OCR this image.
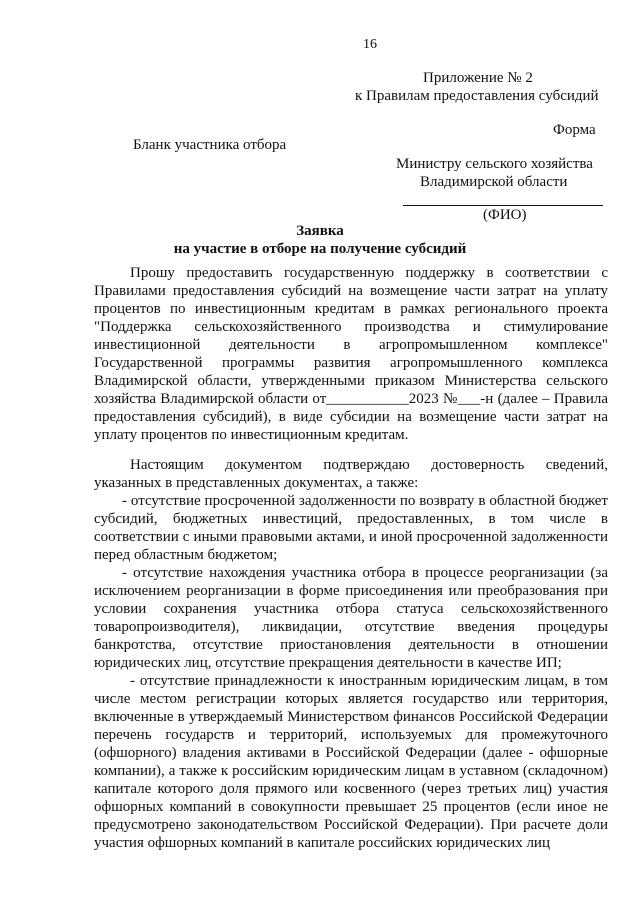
16
Приложение № 2
к Правилам предоставления субсидий
Форма
Бланк участника отбора
Министру сельского хозяйства
Владимирской области
(ФИО)
Заявка
на участие в отборе на получение субсидий

Прошу предоставить государственную поддержку в соответствии с Правилами предоставления субсидий на возмещение части затрат на уплату процентов по инвестиционным кредитам в рамках регионального проекта "Поддержка сельскохозяйственного производства и стимулирование инвестиционной деятельности в агропромышленном комплексе" Государственной программы развития агропромышленного комплекса Владимирской области, утвержденными приказом Министерства сельского хозяйства Владимирской области от___________2023 №___-н (далее – Правила предоставления субсидий), в виде субсидии на возмещение части затрат на уплату процентов по инвестиционным кредитам.

Настоящим документом подтверждаю достоверность сведений, указанных в представленных документах, а также:

- отсутствие просроченной задолженности по возврату в областной бюджет субсидий, бюджетных инвестиций, предоставленных, в том числе в соответствии с иными правовыми актами, и иной просроченной задолженности перед областным бюджетом;

- отсутствие нахождения участника отбора в процессе реорганизации (за исключением реорганизации в форме присоединения или преобразования при условии сохранения участника отбора статуса сельскохозяйственного товаропроизводителя), ликвидации, отсутствие введения процедуры банкротства, отсутствие приостановления деятельности в отношении юридических лиц, отсутствие прекращения деятельности в качестве ИП;

- отсутствие принадлежности к иностранным юридическим лицам, в том числе местом регистрации которых является государство или территория, включенные в утверждаемый Министерством финансов Российской Федерации перечень государств и территорий, используемых для промежуточного (офшорного) владения активами в Российской Федерации (далее - офшорные компании), а также к российским юридическим лицам в уставном (складочном) капитале которого доля прямого или косвенного (через третьих лиц) участия офшорных компаний в совокупности превышает 25 процентов (если иное не предусмотрено законодательством Российской Федерации). При расчете доли участия офшорных компаний в капитале российских юридических лиц
